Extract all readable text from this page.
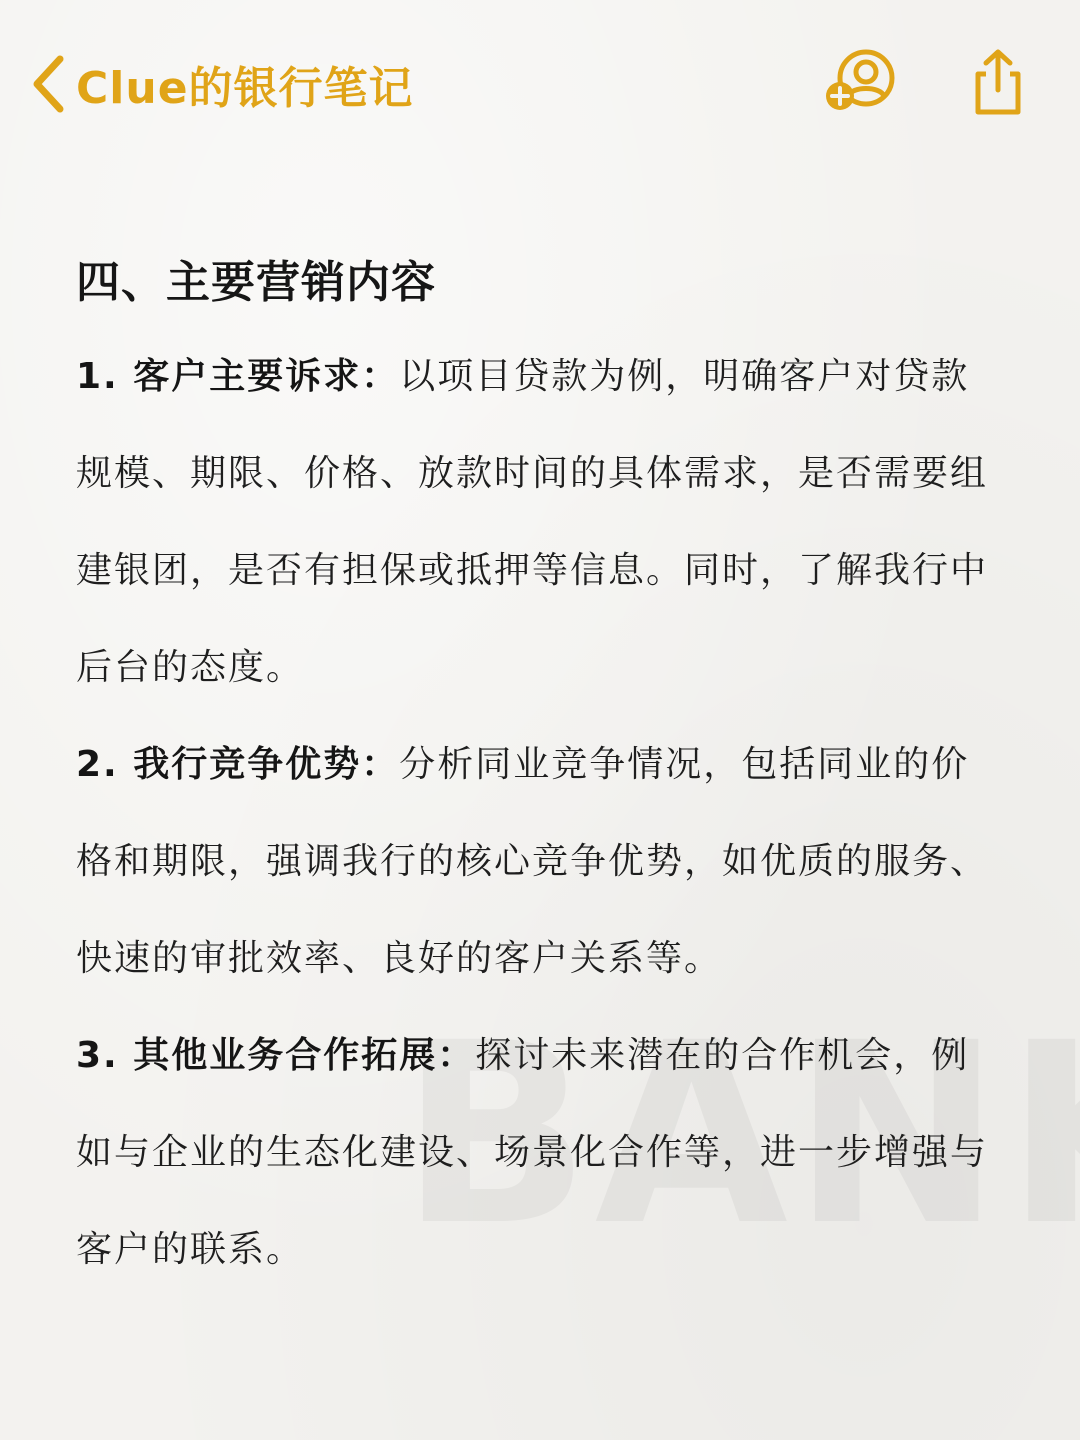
Clue的银行笔记
四、主要营销内容

1. 客户主要诉求：以项目贷款为例，明确客户对贷款规模、期限、价格、放款时间的具体需求，是否需要组建银团，是否有担保或抵押等信息。同时，了解我行中后台的态度。

2. 我行竞争优势：分析同业竞争情况，包括同业的价格和期限，强调我行的核心竞争优势，如优质的服务、快速的审批效率、良好的客户关系等。

3. 其他业务合作拓展：探讨未来潜在的合作机会，例如与企业的生态化建设、场景化合作等，进一步增强与客户的联系。
